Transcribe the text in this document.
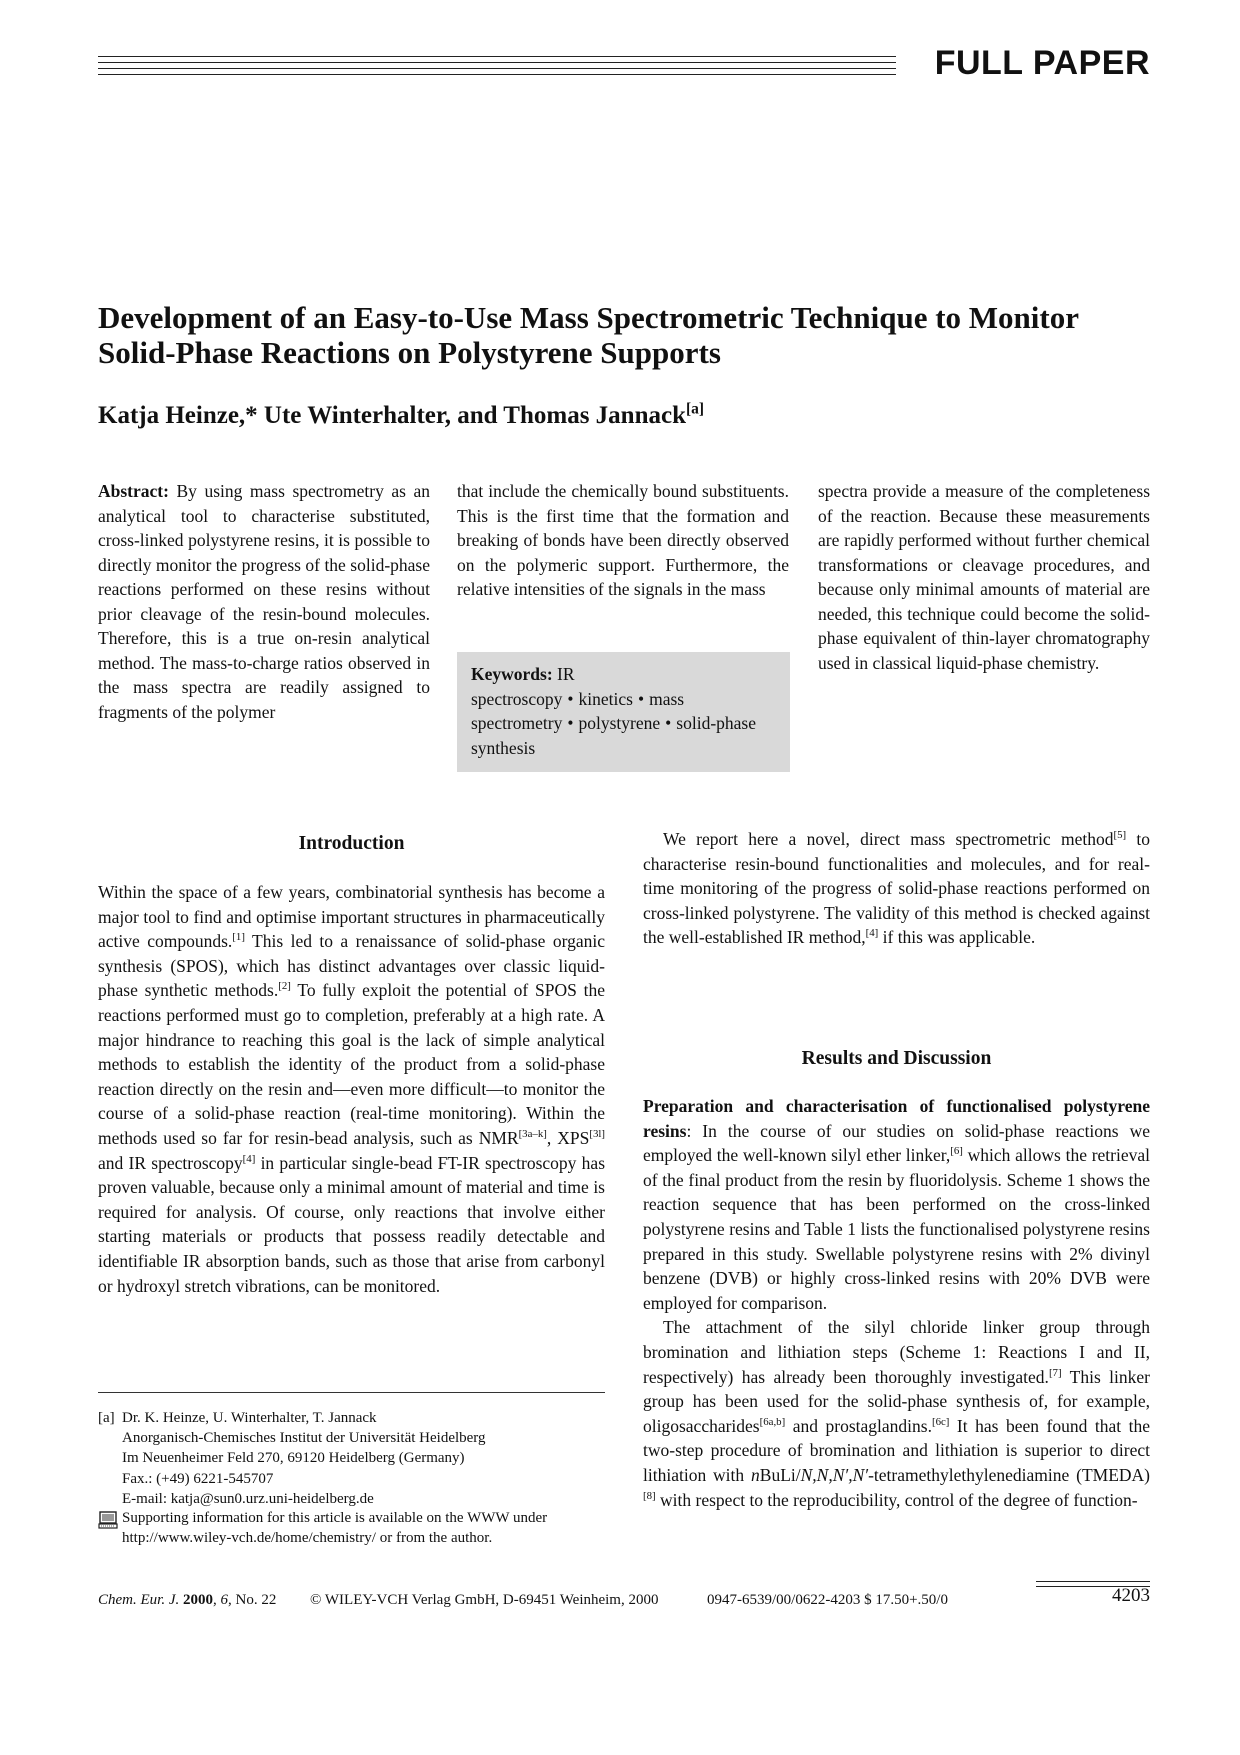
FULL PAPER
Development of an Easy-to-Use Mass Spectrometric Technique to Monitor
Solid-Phase Reactions on Polystyrene Supports
Katja Heinze,* Ute Winterhalter, and Thomas Jannack[a]
Abstract: By using mass spectrometry as an analytical tool to characterise substituted, cross-linked polystyrene resins, it is possible to directly monitor the progress of the solid-phase reactions performed on these resins without prior cleavage of the resin-bound molecules. Therefore, this is a true on-resin analytical method. The mass-to-charge ratios observed in the mass spectra are readily assigned to fragments of the polymer
that include the chemically bound substituents. This is the first time that the formation and breaking of bonds have been directly observed on the polymeric support. Furthermore, the relative intensities of the signals in the mass
spectra provide a measure of the completeness of the reaction. Because these measurements are rapidly performed without further chemical transformations or cleavage procedures, and because only minimal amounts of material are needed, this technique could become the solid-phase equivalent of thin-layer chromatography used in classical liquid-phase chemistry.
Keywords: IR spectroscopy • kinetics • mass spectrometry • polystyrene • solid-phase synthesis
Introduction
Within the space of a few years, combinatorial synthesis has become a major tool to find and optimise important structures in pharmaceutically active compounds.[1] This led to a renaissance of solid-phase organic synthesis (SPOS), which has distinct advantages over classic liquid-phase synthetic methods.[2] To fully exploit the potential of SPOS the reactions performed must go to completion, preferably at a high rate. A major hindrance to reaching this goal is the lack of simple analytical methods to establish the identity of the product from a solid-phase reaction directly on the resin and—even more difficult—to monitor the course of a solid-phase reaction (real-time monitoring). Within the methods used so far for resin-bead analysis, such as NMR[3a–k], XPS[3l] and IR spectroscopy[4] in particular single-bead FT-IR spectroscopy has proven valuable, because only a minimal amount of material and time is required for analysis. Of course, only reactions that involve either starting materials or products that possess readily detectable and identifiable IR absorption bands, such as those that arise from carbonyl or hydroxyl stretch vibrations, can be monitored.
[a] Dr. K. Heinze, U. Winterhalter, T. Jannack
Anorganisch-Chemisches Institut der Universität Heidelberg
Im Neuenheimer Feld 270, 69120 Heidelberg (Germany)
Fax.: (+49) 6221-545707
E-mail: katja@sun0.urz.uni-heidelberg.de
Supporting information for this article is available on the WWW under
http://www.wiley-vch.de/home/chemistry/ or from the author.
We report here a novel, direct mass spectrometric method[5] to characterise resin-bound functionalities and molecules, and for real-time monitoring of the progress of solid-phase reactions performed on cross-linked polystyrene. The validity of this method is checked against the well-established IR method,[4] if this was applicable.
Results and Discussion
Preparation and characterisation of functionalised polystyrene resins: In the course of our studies on solid-phase reactions we employed the well-known silyl ether linker,[6] which allows the retrieval of the final product from the resin by fluoridolysis. Scheme 1 shows the reaction sequence that has been performed on the cross-linked polystyrene resins and Table 1 lists the functionalised polystyrene resins prepared in this study. Swellable polystyrene resins with 2% divinyl benzene (DVB) or highly cross-linked resins with 20% DVB were employed for comparison.
The attachment of the silyl chloride linker group through bromination and lithiation steps (Scheme 1: Reactions I and II, respectively) has already been thoroughly investigated.[7] This linker group has been used for the solid-phase synthesis of, for example, oligosaccharides[6a,b] and prostaglandins.[6c] It has been found that the two-step procedure of bromination and lithiation is superior to direct lithiation with nBuLi/N,N,N′,N′-tetramethylethylenediamine (TMEDA)[8] with respect to the reproducibility, control of the degree of function-
Chem. Eur. J. 2000, 6, No. 22 © WILEY-VCH Verlag GmbH, D-69451 Weinheim, 2000	0947-6539/00/0622-4203 $ 17.50+.50/0	4203
